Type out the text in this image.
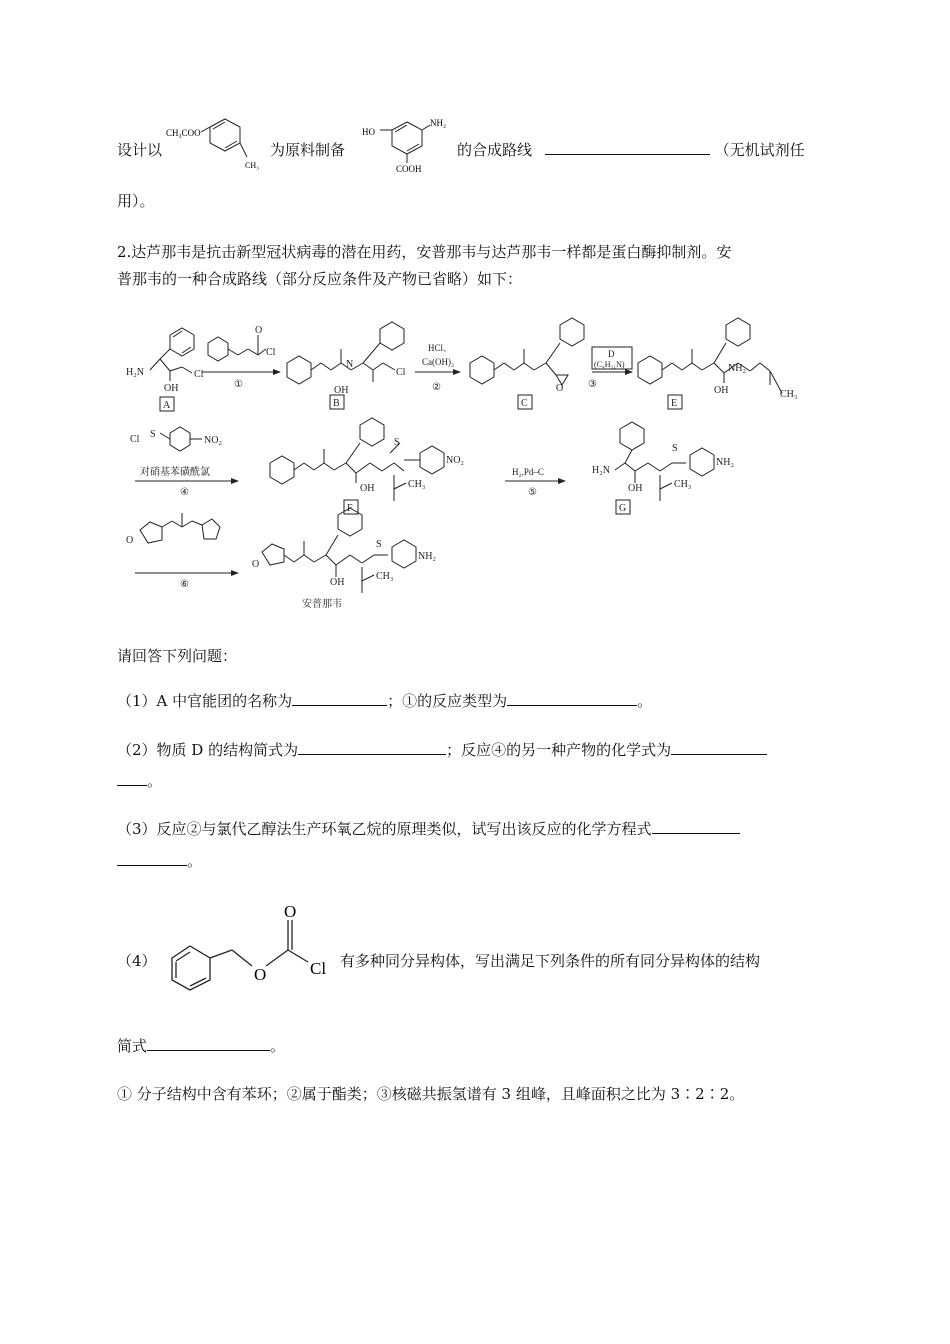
设计以
CH₃COO
CH₃
为原料制备
HO
NH₂
COOH
的合成路线	（无机试剂任
用）。
2.达芦那韦是抗击新型冠状病毒的潜在用药，安普那韦与达芦那韦一样都是蛋白酶抑制剂。安
普那韦的一种合成路线（部分反应条件及产物已省略）如下：
H₂N
OH
Cl
Cl
O
OH
Cl
N
O	OH
NH₂
CH₃
Cl S
NO₂
OH
S
NO₂
CH₃
H₂N
OH
S
NH₂
CH₃
O
O
OH
S
NH₂
CH₃
A	B	C	E
F	G
①	②	③
④	⑤
⑥
HCl、
Ca(OH)₂
D
(C₄H₁₁N)
对硝基苯磺酰氯	H₂,Pd–C
安普那韦
请回答下列问题：
（1）A 中官能团的名称为	；①的反应类型为	。
（2）物质 D 的结构简式为	；反应④的另一种产物的化学式为
。
（3）反应②与氯代乙醇法生产环氧乙烷的原理类似，试写出该反应的化学方程式
。
（4）
O
O	Cl 有多种同分异构体，写出满足下列条件的所有同分异构体的结构
简式	。
① 分子结构中含有苯环；②属于酯类；③核磁共振氢谱有 3 组峰，且峰面积之比为 3∶2∶2。
